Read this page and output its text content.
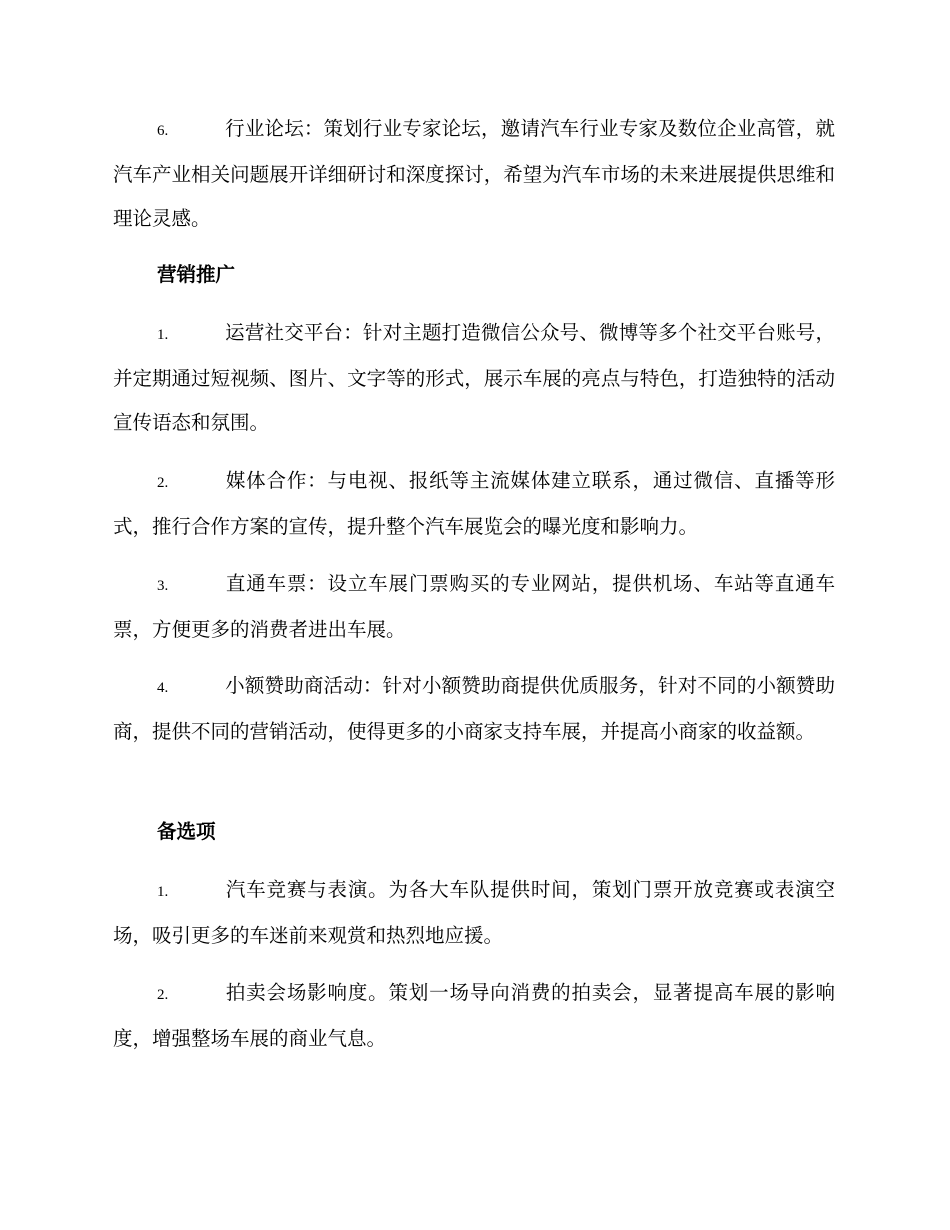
6.	行业论坛：策划行业专家论坛，邀请汽车行业专家及数位企业高管，就汽车产业相关问题展开详细研讨和深度探讨，希望为汽车市场的未来进展提供思维和理论灵感。

营销推广

1.	运营社交平台：针对主题打造微信公众号、微博等多个社交平台账号，并定期通过短视频、图片、文字等的形式，展示车展的亮点与特色，打造独特的活动宣传语态和氛围。

2.	媒体合作：与电视、报纸等主流媒体建立联系，通过微信、直播等形式，推行合作方案的宣传，提升整个汽车展览会的曝光度和影响力。

3.	直通车票：设立车展门票购买的专业网站，提供机场、车站等直通车票，方便更多的消费者进出车展。

4.	小额赞助商活动：针对小额赞助商提供优质服务，针对不同的小额赞助商，提供不同的营销活动，使得更多的小商家支持车展，并提高小商家的收益额。

备选项

1.	汽车竞赛与表演。为各大车队提供时间，策划门票开放竞赛或表演空场，吸引更多的车迷前来观赏和热烈地应援。

2.	拍卖会场影响度。策划一场导向消费的拍卖会，显著提高车展的影响度，增强整场车展的商业气息。
